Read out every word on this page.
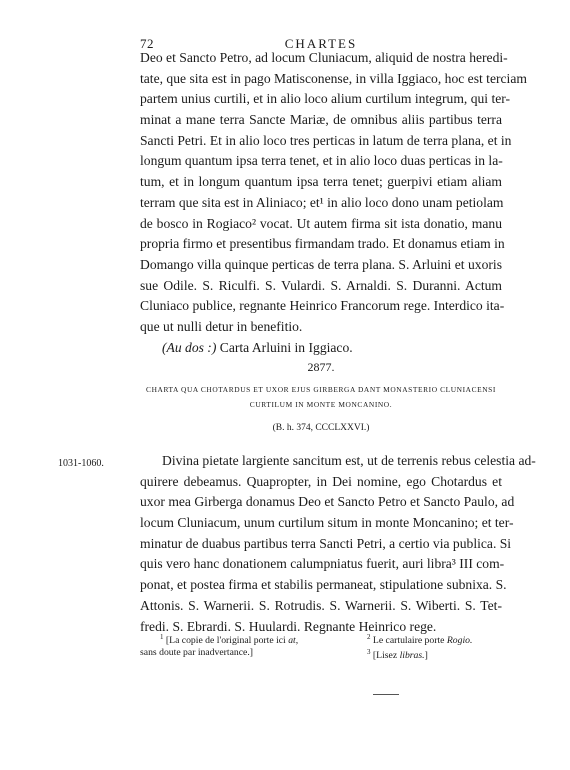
72	CHARTES
Deo et Sancto Petro, ad locum Cluniacum, aliquid de nostra heredi-
tate, que sita est in pago Matisconense, in villa Iggiaco, hoc est terciam
partem unius curtili, et in alio loco alium curtilum integrum, qui ter-
minat a mane terra Sancte Mariæ, de omnibus aliis partibus terra
Sancti Petri. Et in alio loco tres perticas in latum de terra plana, et in
longum quantum ipsa terra tenet, et in alio loco duas perticas in la-
tum, et in longum quantum ipsa terra tenet; guerpivi etiam aliam
terram que sita est in Aliniaco; et¹ in alio loco dono unam petiolam
de bosco in Rogiaco² vocat. Ut autem firma sit ista donatio, manu
propria firmo et presentibus firmandam trado. Et donamus etiam in
Domango villa quinque perticas de terra plana. S. Arluini et uxoris
sue Odile. S. Riculfi. S. Vulardi. S. Arnaldi. S. Duranni. Actum
Cluniaco publice, regnante Heinrico Francorum rege. Interdico ita-
que ut nulli detur in benefitio.
(Au dos :) Carta Arluini in Iggiaco.
2877.
CHARTA QUA CHOTARDUS ET UXOR EJUS GIRBERGA DANT MONASTERIO CLUNIACENSI
CURTILUM IN MONTE MONCANINO.
(B. h. 374, CCCLXXVI.)
1031-1060.	Divina pietate largiente sancitum est, ut de terrenis rebus celestia ad-
quirere debeamus. Quapropter, in Dei nomine, ego Chotardus et
uxor mea Girberga donamus Deo et Sancto Petro et Sancto Paulo, ad
locum Cluniacum, unum curtilum situm in monte Moncanino; et ter-
minatur de duabus partibus terra Sancti Petri, a certio via publica. Si
quis vero hanc donationem calumpniatus fuerit, auri libra³ III com-
ponat, et postea firma et stabilis permaneat, stipulatione subnixa. S.
Attonis. S. Warnerii. S. Rotrudis. S. Warnerii. S. Wiberti. S. Tet-
fredi. S. Ebrardi. S. Huulardi. Regnante Heinrico rege.
$^1$ [La copie de l'original porte ici at,
sans doute par inadvertance.]
$^2$ Le cartulaire porte Rogio.
$^3$ [Lisez libras.]
